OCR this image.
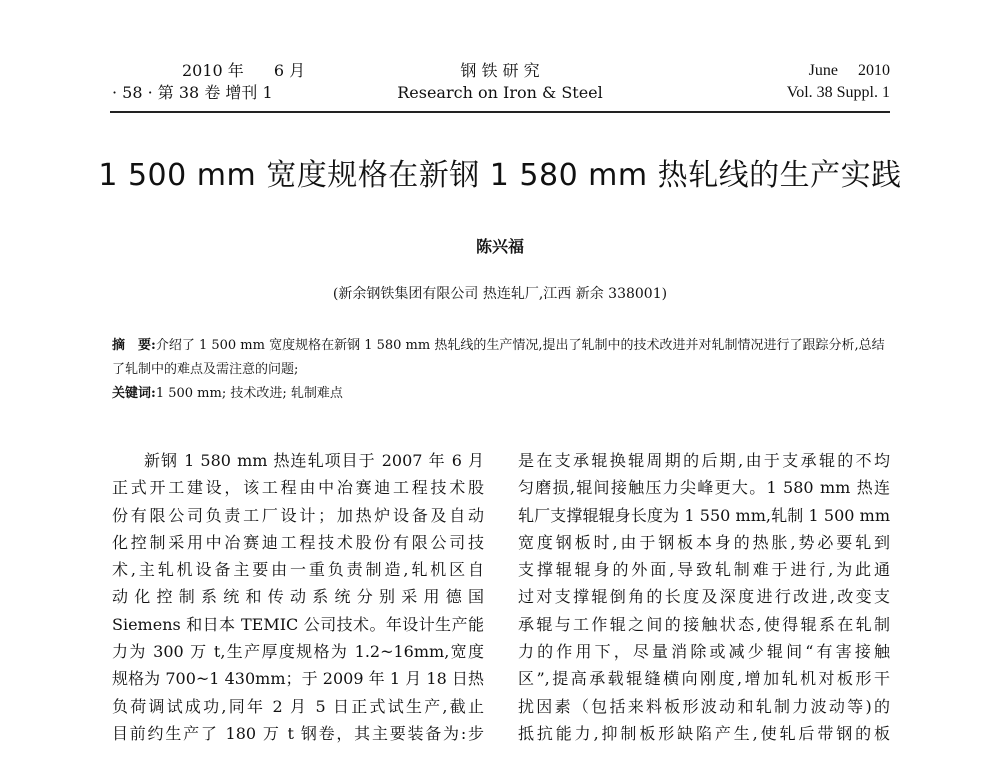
2010 年 6 月
· 58 · 第 38 卷 增刊 1
钢 铁 研 究
Research on Iron & Steel
June 2010
Vol. 38 Suppl. 1
1 500 mm 宽度规格在新钢 1 580 mm 热轧线的生产实践
陈兴福
(新余钢铁集团有限公司 热连轧厂,江西 新余 338001)
摘　要:介绍了 1 500 mm 宽度规格在新钢 1 580 mm 热轧线的生产情况,提出了轧制中的技术改进并对轧制情况进行了跟踪分析,总结了轧制中的难点及需注意的问题;
关键词:1 500 mm; 技术改进; 轧制难点
新钢 1 580 mm 热连轧项目于 2007 年 6 月
正式开工建设，该工程由中冶赛迪工程技术股
份有限公司负责工厂设计；加热炉设备及自动
化控制采用中冶赛迪工程技术股份有限公司技
术,主轧机设备主要由一重负责制造,轧机区自
动 化 控 制 系 统 和 传 动 系 统 分 别 采 用 德 国
Siemens 和日本 TEMIC 公司技术。年设计生产能
力为 300 万 t,生产厚度规格为 1.2~16mm,宽度
规格为 700~1 430mm；于 2009 年 1 月 18 日热
负荷调试成功,同年 2 月 5 日正式试生产,截止
目前约生产了 180 万 t 钢卷，其主要装备为:步
是在支承辊换辊周期的后期,由于支承辊的不均
匀磨损,辊间接触压力尖峰更大。1 580 mm 热连
轧厂支撑辊辊身长度为 1 550 mm,轧制 1 500 mm
宽度钢板时,由于钢板本身的热胀,势必要轧到
支撑辊辊身的外面,导致轧制难于进行,为此通
过对支撑辊倒角的长度及深度进行改进,改变支
承辊与工作辊之间的接触状态,使得辊系在轧制
力的作用下，尽量消除或减少辊间“有害接触
区”,提高承载辊缝横向刚度,增加轧机对板形干
扰因素（包括来料板形波动和轧制力波动等)的
抵抗能力,抑制板形缺陷产生,使轧后带钢的板
